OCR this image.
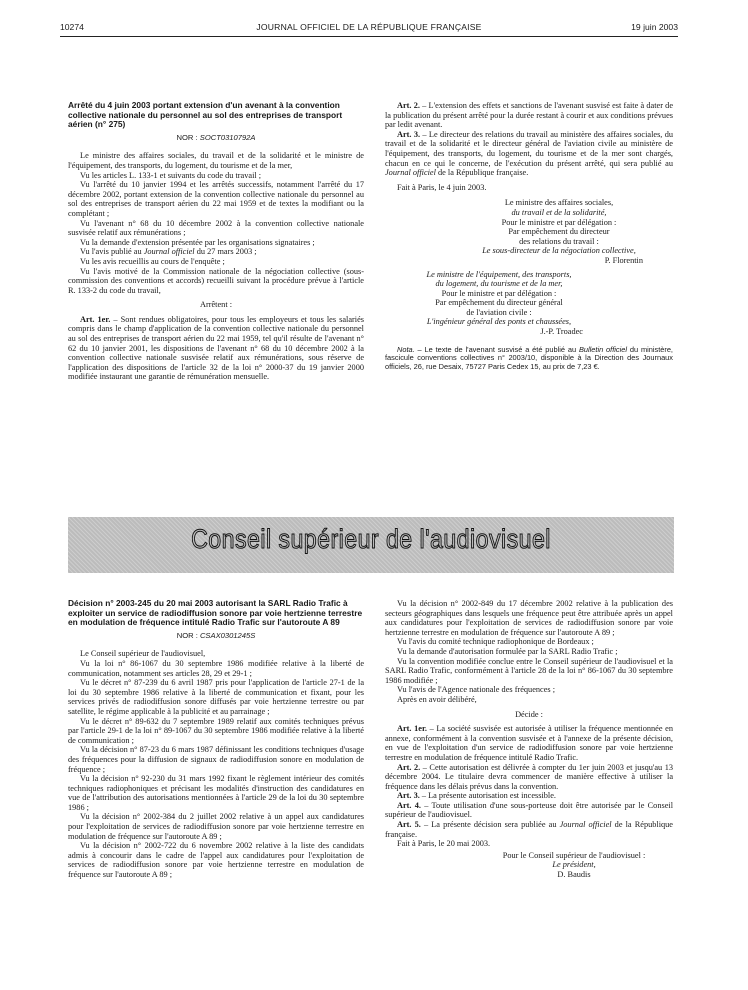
10274	JOURNAL OFFICIEL DE LA RÉPUBLIQUE FRANÇAISE	19 juin 2003
Arrêté du 4 juin 2003 portant extension d'un avenant à la convention collective nationale du personnel au sol des entreprises de transport aérien (n° 275)
NOR : SOCT0310792A

Le ministre des affaires sociales, du travail et de la solidarité et le ministre de l'équipement, des transports, du logement, du tourisme et de la mer,

Vu les articles L. 133-1 et suivants du code du travail ;

Vu l'arrêté du 10 janvier 1994 et les arrêtés successifs, notamment l'arrêté du 17 décembre 2002, portant extension de la convention collective nationale du personnel au sol des entreprises de transport aérien du 22 mai 1959 et de textes la modifiant ou la complétant ;

Vu l'avenant n° 68 du 10 décembre 2002 à la convention collective nationale susvisée relatif aux rémunérations ;

Vu la demande d'extension présentée par les organisations signataires ;

Vu l'avis publié au Journal officiel du 27 mars 2003 ;

Vu les avis recueillis au cours de l'enquête ;

Vu l'avis motivé de la Commission nationale de la négociation collective (sous-commission des conventions et accords) recueilli suivant la procédure prévue à l'article R. 133-2 du code du travail,

Arrêtent :

Art. 1er. – Sont rendues obligatoires, pour tous les employeurs et tous les salariés compris dans le champ d'application de la convention collective nationale du personnel au sol des entreprises de transport aérien du 22 mai 1959, tel qu'il résulte de l'avenant n° 62 du 10 janvier 2001, les dispositions de l'avenant n° 68 du 10 décembre 2002 à la convention collective nationale susvisée relatif aux rémunérations, sous réserve de l'application des dispositions de l'article 32 de la loi n° 2000-37 du 19 janvier 2000 modifiée instaurant une garantie de rémunération mensuelle.

Art. 2. – L'extension des effets et sanctions de l'avenant susvisé est faite à dater de la publication du présent arrêté pour la durée restant à courir et aux conditions prévues par ledit avenant.

Art. 3. – Le directeur des relations du travail au ministère des affaires sociales, du travail et de la solidarité et le directeur général de l'aviation civile au ministère de l'équipement, des transports, du logement, du tourisme et de la mer sont chargés, chacun en ce qui le concerne, de l'exécution du présent arrêté, qui sera publié au Journal officiel de la République française.

Fait à Paris, le 4 juin 2003.

Le ministre des affaires sociales,

du travail et de la solidarité,

Pour le ministre et par délégation :

Par empêchement du directeur

des relations du travail :

Le sous-directeur de la négociation collective,

P. Florentin

Le ministre de l'équipement, des transports,

du logement, du tourisme et de la mer,

Pour le ministre et par délégation :

Par empêchement du directeur général

de l'aviation civile :

L'ingénieur général des ponts et chaussées,

J.-P. Troadec

Nota. – Le texte de l'avenant susvisé a été publié au Bulletin officiel du ministère, fascicule conventions collectives n° 2003/10, disponible à la Direction des Journaux officiels, 26, rue Desaix, 75727 Paris Cedex 15, au prix de 7,23 €.

Conseil supérieur de l'audiovisuel
Décision n° 2003-245 du 20 mai 2003 autorisant la SARL Radio Trafic à exploiter un service de radiodiffusion sonore par voie hertzienne terrestre en modulation de fréquence intitulé Radio Trafic sur l'autoroute A 89
NOR : CSAX0301245S

Le Conseil supérieur de l'audiovisuel,

Vu la loi n° 86-1067 du 30 septembre 1986 modifiée relative à la liberté de communication, notamment ses articles 28, 29 et 29-1 ;

Vu le décret n° 87-239 du 6 avril 1987 pris pour l'application de l'article 27-1 de la loi du 30 septembre 1986 relative à la liberté de communication et fixant, pour les services privés de radiodiffusion sonore diffusés par voie hertzienne terrestre ou par satellite, le régime applicable à la publicité et au parrainage ;

Vu le décret n° 89-632 du 7 septembre 1989 relatif aux comités techniques prévus par l'article 29-1 de la loi n° 89-1067 du 30 septembre 1986 modifiée relative à la liberté de communication ;

Vu la décision n° 87-23 du 6 mars 1987 définissant les conditions techniques d'usage des fréquences pour la diffusion de signaux de radiodiffusion sonore en modulation de fréquence ;

Vu la décision n° 92-230 du 31 mars 1992 fixant le règlement intérieur des comités techniques radiophoniques et précisant les modalités d'instruction des candidatures en vue de l'attribution des autorisations mentionnées à l'article 29 de la loi du 30 septembre 1986 ;

Vu la décision n° 2002-384 du 2 juillet 2002 relative à un appel aux candidatures pour l'exploitation de services de radiodiffusion sonore par voie hertzienne terrestre en modulation de fréquence sur l'autoroute A 89 ;

Vu la décision n° 2002-722 du 6 novembre 2002 relative à la liste des candidats admis à concourir dans le cadre de l'appel aux candidatures pour l'exploitation de services de radiodiffusion sonore par voie hertzienne terrestre en modulation de fréquence sur l'autoroute A 89 ;

Vu la décision n° 2002-849 du 17 décembre 2002 relative à la publication des secteurs géographiques dans lesquels une fréquence peut être attribuée après un appel aux candidatures pour l'exploitation de services de radiodiffusion sonore par voie hertzienne terrestre en modulation de fréquence sur l'autoroute A 89 ;

Vu l'avis du comité technique radiophonique de Bordeaux ;

Vu la demande d'autorisation formulée par la SARL Radio Trafic ;

Vu la convention modifiée conclue entre le Conseil supérieur de l'audiovisuel et la SARL Radio Trafic, conformément à l'article 28 de la loi n° 86-1067 du 30 septembre 1986 modifiée ;

Vu l'avis de l'Agence nationale des fréquences ;

Après en avoir délibéré,

Décide :

Art. 1er. – La société susvisée est autorisée à utiliser la fréquence mentionnée en annexe, conformément à la convention susvisée et à l'annexe de la présente décision, en vue de l'exploitation d'un service de radiodiffusion sonore par voie hertzienne terrestre en modulation de fréquence intitulé Radio Trafic.

Art. 2. – Cette autorisation est délivrée à compter du 1er juin 2003 et jusqu'au 13 décembre 2004. Le titulaire devra commencer de manière effective à utiliser la fréquence dans les délais prévus dans la convention.

Art. 3. – La présente autorisation est incessible.

Art. 4. – Toute utilisation d'une sous-porteuse doit être autorisée par le Conseil supérieur de l'audiovisuel.

Art. 5. – La présente décision sera publiée au Journal officiel de la République française.

Fait à Paris, le 20 mai 2003.

Pour le Conseil supérieur de l'audiovisuel :

Le président,

D. Baudis
